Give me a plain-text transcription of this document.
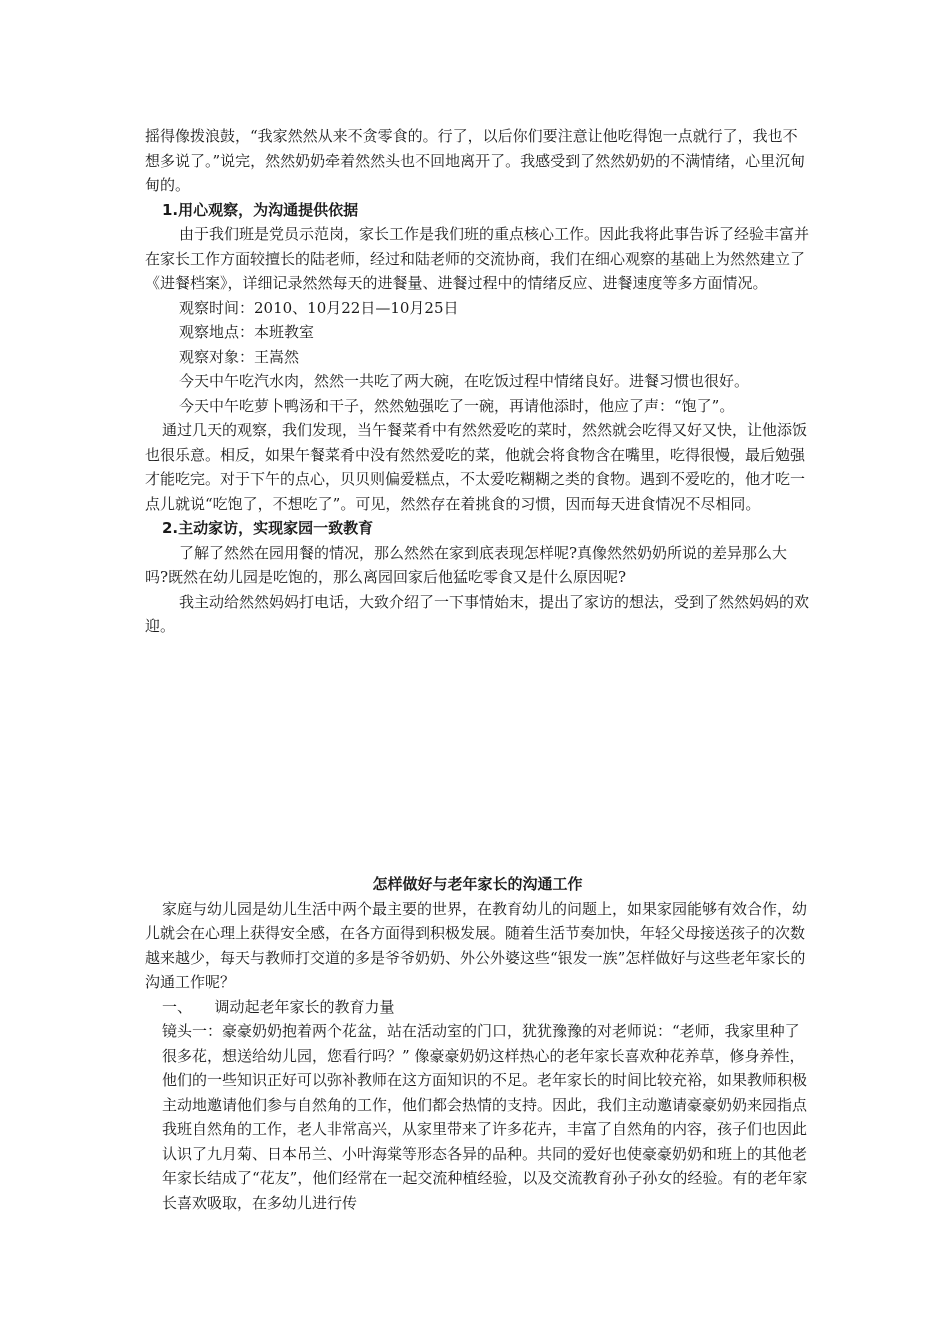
摇得像拨浪鼓，“我家然然从来不贪零食的。行了，以后你们要注意让他吃得饱一点就行了，我也不想多说了。”说完，然然奶奶牵着然然头也不回地离开了。我感受到了然然奶奶的不满情绪，心里沉甸甸的。

1.用心观察，为沟通提供依据

由于我们班是党员示范岗，家长工作是我们班的重点核心工作。因此我将此事告诉了经验丰富并在家长工作方面较擅长的陆老师，经过和陆老师的交流协商，我们在细心观察的基础上为然然建立了《进餐档案》，详细记录然然每天的进餐量、进餐过程中的情绪反应、进餐速度等多方面情况。

观察时间：2010、10月22日—10月25日

观察地点：本班教室

观察对象：王嵩然

今天中午吃汽水肉，然然一共吃了两大碗，在吃饭过程中情绪良好。进餐习惯也很好。

今天中午吃萝卜鸭汤和干子，然然勉强吃了一碗，再请他添时，他应了声：“饱了”。

通过几天的观察，我们发现，当午餐菜肴中有然然爱吃的菜时，然然就会吃得又好又快，让他添饭也很乐意。相反，如果午餐菜肴中没有然然爱吃的菜，他就会将食物含在嘴里，吃得很慢，最后勉强才能吃完。对于下午的点心，贝贝则偏爱糕点，不太爱吃糊糊之类的食物。遇到不爱吃的，他才吃一点儿就说“吃饱了，不想吃了”。可见，然然存在着挑食的习惯，因而每天进食情况不尽相同。

2.主动家访，实现家园一致教育

了解了然然在园用餐的情况，那么然然在家到底表现怎样呢?真像然然奶奶所说的差异那么大吗?既然在幼儿园是吃饱的，那么离园回家后他猛吃零食又是什么原因呢?

我主动给然然妈妈打电话，大致介绍了一下事情始末，提出了家访的想法，受到了然然妈妈的欢迎。

怎样做好与老年家长的沟通工作

家庭与幼儿园是幼儿生活中两个最主要的世界，在教育幼儿的问题上，如果家园能够有效合作，幼儿就会在心理上获得安全感，在各方面得到积极发展。随着生活节奏加快，年轻父母接送孩子的次数越来越少，每天与教师打交道的多是爷爷奶奶、外公外婆这些“银发一族”怎样做好与这些老年家长的沟通工作呢？

一、　　调动起老年家长的教育力量

镜头一：豪豪奶奶抱着两个花盆，站在活动室的门口，犹犹豫豫的对老师说：“老师，我家里种了很多花，想送给幼儿园，您看行吗？” 像豪豪奶奶这样热心的老年家长喜欢种花养草，修身养性，他们的一些知识正好可以弥补教师在这方面知识的不足。老年家长的时间比较充裕，如果教师积极主动地邀请他们参与自然角的工作，他们都会热情的支持。因此，我们主动邀请豪豪奶奶来园指点我班自然角的工作，老人非常高兴，从家里带来了许多花卉，丰富了自然角的内容，孩子们也因此认识了九月菊、日本吊兰、小叶海棠等形态各异的品种。共同的爱好也使豪豪奶奶和班上的其他老年家长结成了“花友”，他们经常在一起交流种植经验，以及交流教育孙子孙女的经验。有的老年家长喜欢吸取，在多幼儿进行传
